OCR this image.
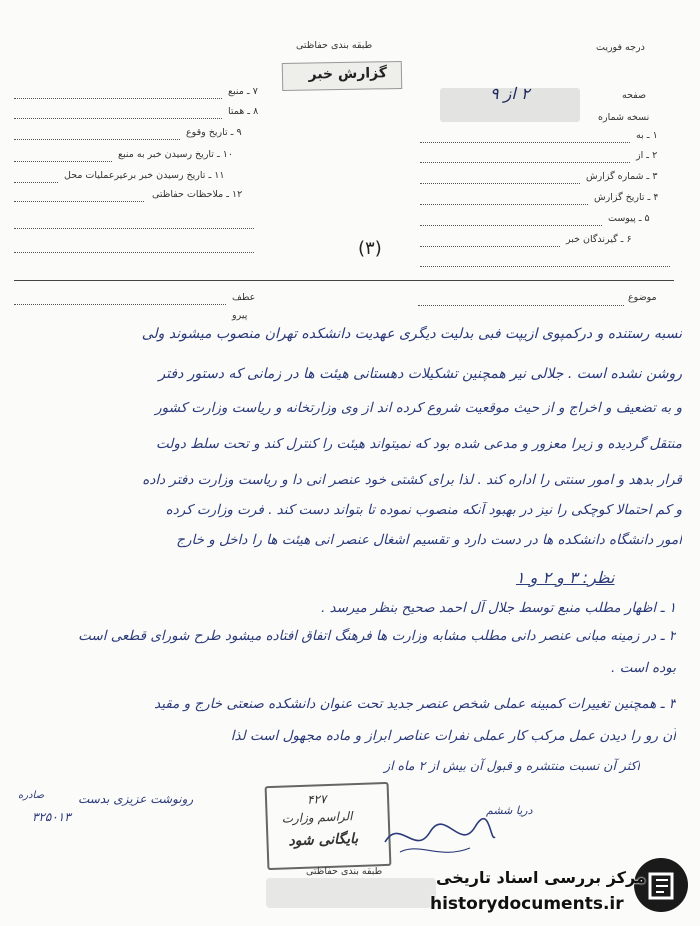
طبقه بندی حفاظتی	درجه فوریت
گزارش خبر
صفحه
۲ از ۹
نسخه شماره
۷ ـ منبع
۸ ـ همتا
۹ ـ تاریخ وقوع
۱۰ ـ تاریخ رسیدن خبر به منبع
۱۱ ـ تاریخ رسیدن خبر برعیرعملیات محل
۱۲ ـ ملاحظات حفاظتی
۱ ـ به
۲ ـ از
۳ ـ شماره گزارش
۴ ـ تاریخ گزارش
۵ ـ پیوست
۶ ـ گیرندگان خبر
(۳)
موضوع
عطف
پیرو
نسبه رستنده و درکمپوی ازیپت فبی بدلیت دیگری عهدیت دانشکده تهران منصوب میشوند ولی
روشن نشده است . جلالی نیر همچنین تشکیلات دهستانی هیئت ها در زمانی که دستور دفتر
و به تضعیف و اخراج و از حیث موقعیت شروع کرده اند از وی وزارتخانه و ریاست وزارت کشور
منتقل گردیده و زیرا معزور و مدعی شده بود که نمیتواند هیئت را کنترل کند و تحت سلط دولت
قرار بدهد و امور سنتی را اداره کند . لذا برای کشتی خود عنصر انی دا و ریاست وزارت دفتر داده
و کم احتمالا کوچکی را نیز در بهبود آنکه منصوب نموده تا بتواند دست کند . فرت وزارت کرده
امور دانشگاه دانشکده ها در دست دارد و تقسیم اشغال عنصر انی هیئت ها را داخل و خارج
نظر: ۳ و ۲ و ۱
۱ ـ اظهار مطلب منبع توسط جلال آل احمد صحیح بنظر میرسد .
۲ ـ در زمینه مبانی عنصر دانی مطلب مشابه وزارت ها فرهنگ اتفاق افتاده میشود طرح شورای قطعی است
بوده است .
۳ ـ همچنین تغییرات کمبینه عملی شخص عنصر جدید تحت عنوان دانشکده صنعتی خارج و مقید
آن رو را دیدن عمل مرکب کار عملی نفرات عناصر ابراز و ماده مجهول است لذا
اکثر آن نسبت منتشره و قبول آن بیش از ۲ ماه از
رونوشت عزیزی بدست
۳۲۵۰۱۳
صادره
دریا ششم
۴۲۷
الراسم وزارت
بایگانی شود
طبقه بندی حفاظتی	مرکز بررسی اسناد تاریخی
historydocuments.ir
